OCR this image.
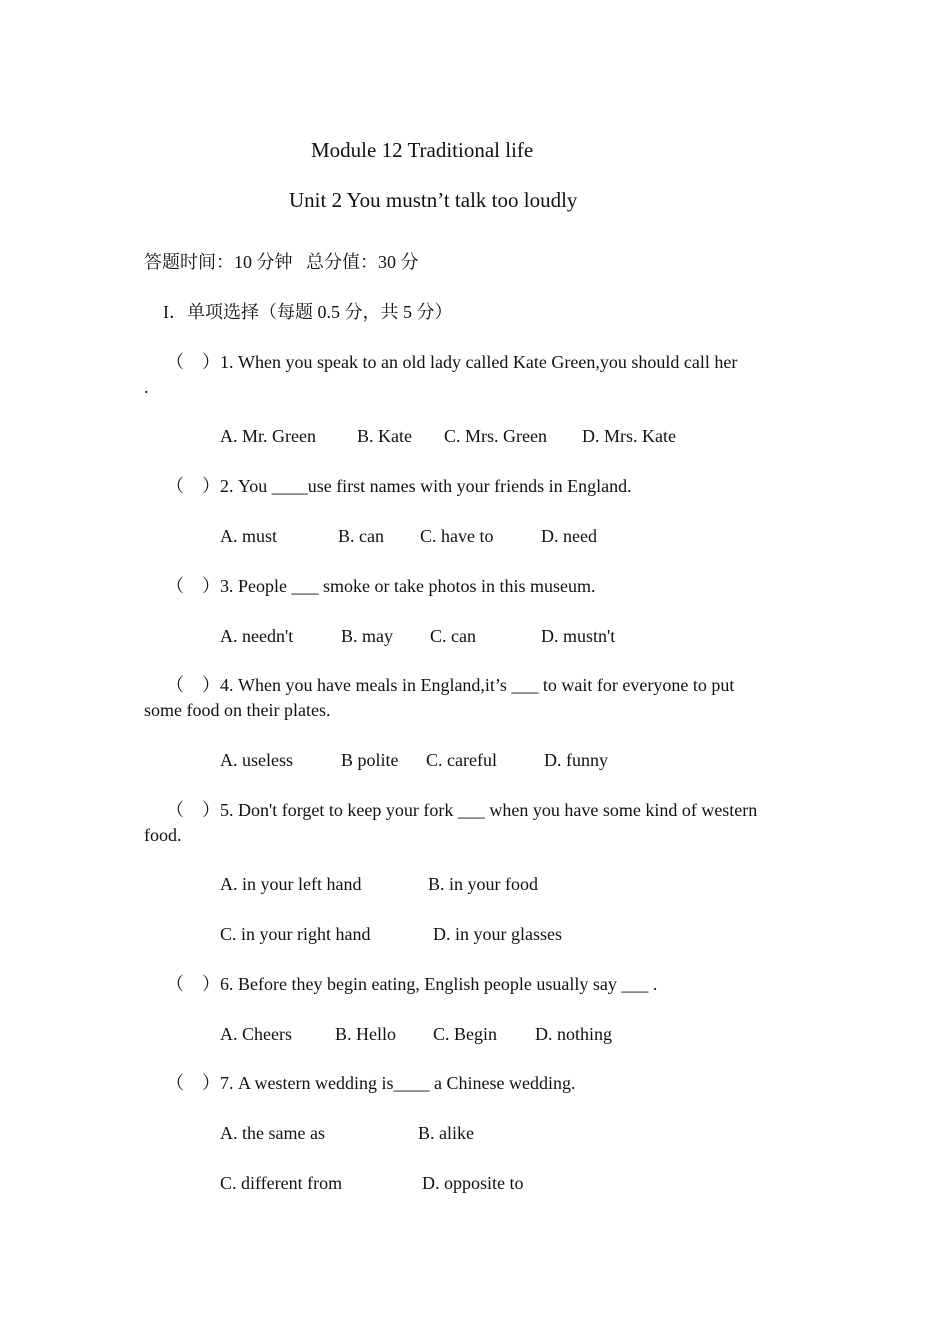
Module 12 Traditional life
Unit 2 You mustn’t talk too loudly
答题时间：10 分钟   总分值：30 分
I．单项选择（每题 0.5 分，共 5 分）
（    ）1. When you speak to an old lady called Kate Green,you should call her
.
A. Mr. Green B. Kate C. Mrs. Green D. Mrs. Kate
（    ）2. You ____use first names with your friends in England.
A. must	B. can C. have to	D. need
（    ）3. People ___ smoke or take photos in this museum.
A. needn't	B. may C. can	D. mustn't
（    ）4. When you have meals in England,it’s ___ to wait for everyone to put
some food on their plates.
A. useless	B polite C. careful	D. funny
（    ）5. Don't forget to keep your fork ___ when you have some kind of western
food.
A. in your left hand	B. in your food
C. in your right hand	D. in your glasses
（    ）6. Before they begin eating, English people usually say ___ .
A. Cheers B. Hello C. Begin D. nothing
（    ）7. A western wedding is____ a Chinese wedding.
A. the same as	B. alike
C. different from	D. opposite to
